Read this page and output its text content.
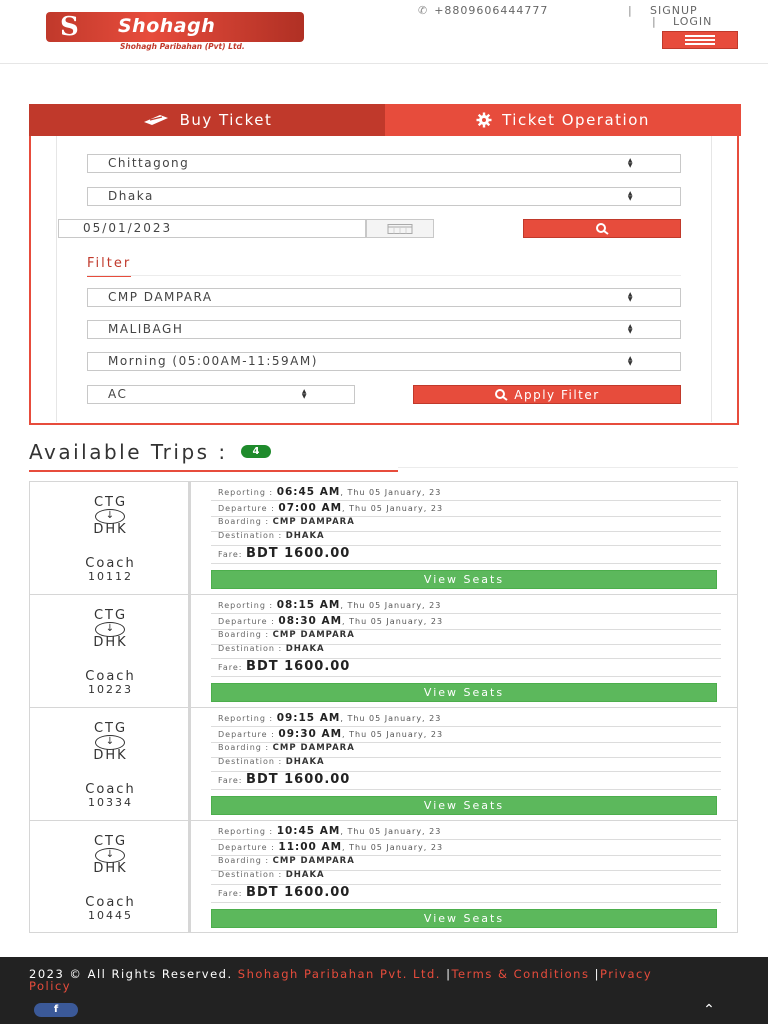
S	Shohagh
Shohagh Paribahan (Pvt) Ltd.
✆ +8809606444777	| SIGNUP
| LOGIN
Buy Ticket	Ticket Operation
Chittagong	▲
▼
Dhaka	▲
▼
05/01/2023
Filter
CMP DAMPARA	▲
▼
MALIBAGH	▲
▼
Morning (05:00AM-11:59AM)	▲
▼
AC	▲
▼	Apply Filter
Available Trips : 4
CTG
↓
DHK
Coach
10112
Reporting : 06:45 AM, Thu 05 January, 23
Departure : 07:00 AM, Thu 05 January, 23
Boarding : CMP DAMPARA
Destination : DHAKA
Fare: BDT 1600.00
View Seats
CTG
↓
DHK
Coach
10223
Reporting : 08:15 AM, Thu 05 January, 23
Departure : 08:30 AM, Thu 05 January, 23
Boarding : CMP DAMPARA
Destination : DHAKA
Fare: BDT 1600.00
View Seats
CTG
↓
DHK
Coach
10334
Reporting : 09:15 AM, Thu 05 January, 23
Departure : 09:30 AM, Thu 05 January, 23
Boarding : CMP DAMPARA
Destination : DHAKA
Fare: BDT 1600.00
View Seats
CTG
↓
DHK
Coach
10445
Reporting : 10:45 AM, Thu 05 January, 23
Departure : 11:00 AM, Thu 05 January, 23
Boarding : CMP DAMPARA
Destination : DHAKA
Fare: BDT 1600.00
View Seats
2023 © All Rights Reserved. Shohagh Paribahan Pvt. Ltd. |Terms & Conditions |Privacy Policy
f	⌃
